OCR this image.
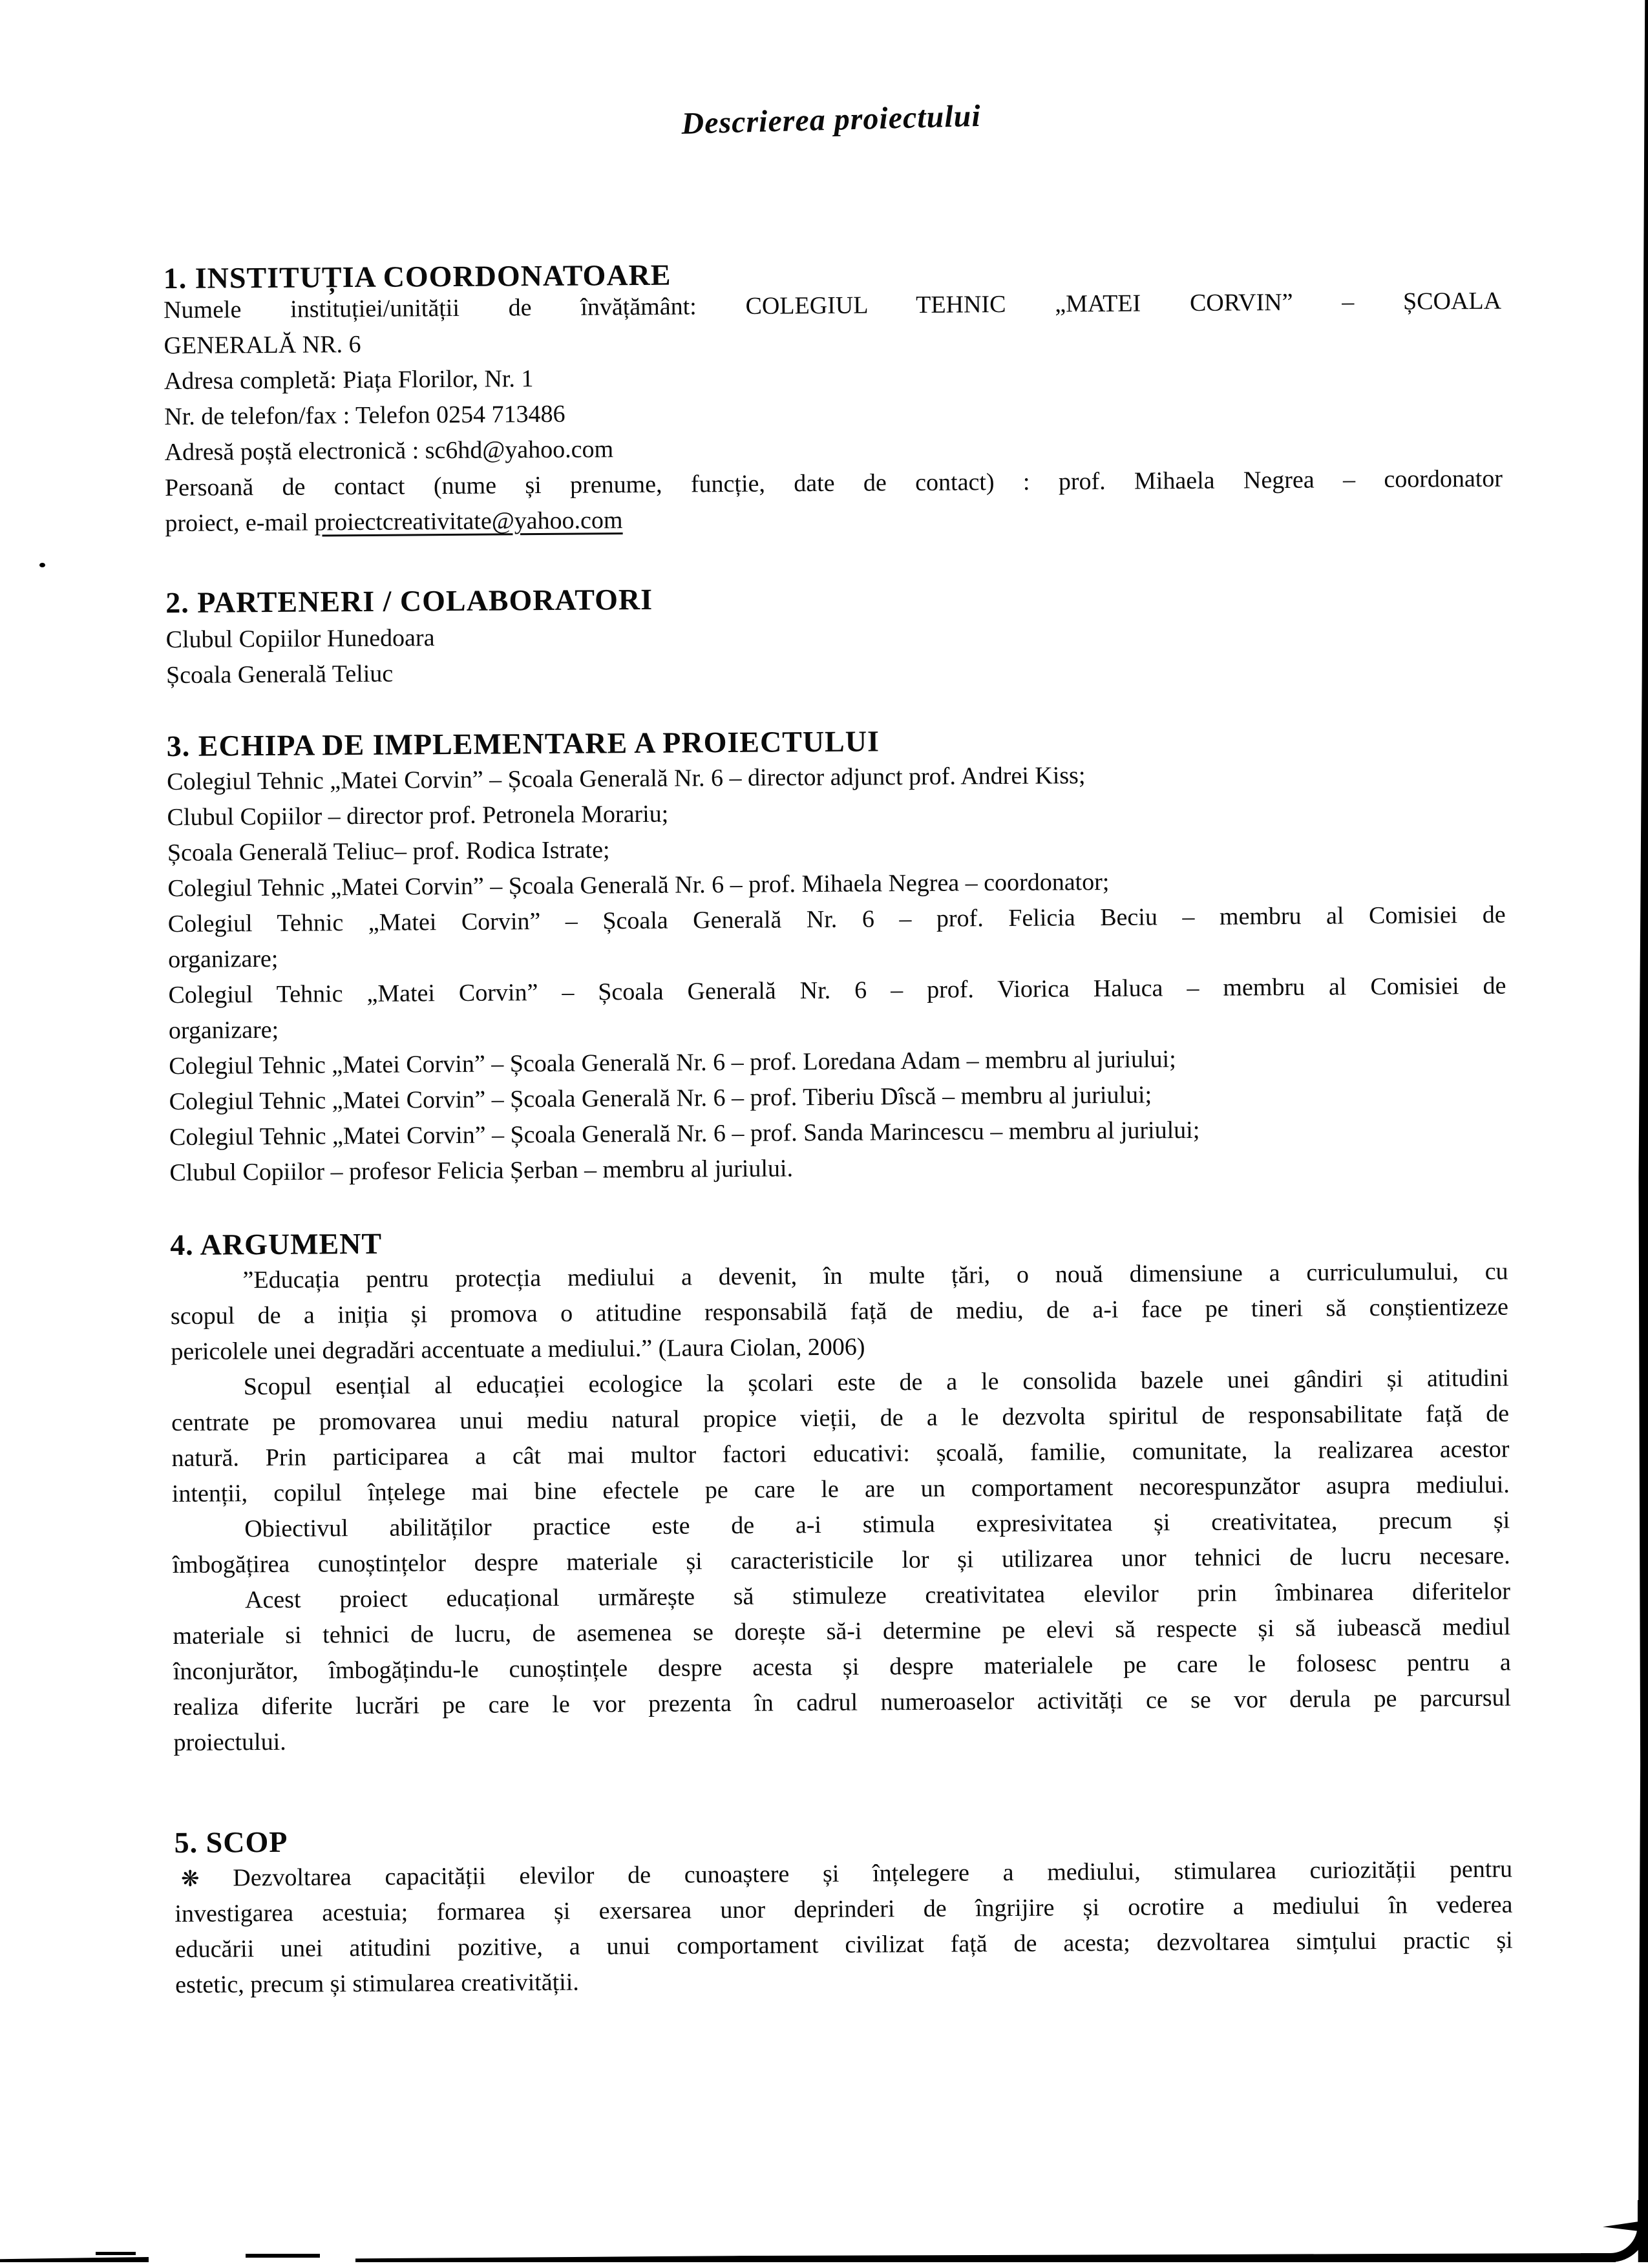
Descrierea proiectului
1. INSTITUȚIA COORDONATOARE
Numele instituției/unității de învățământ: COLEGIUL TEHNIC „MATEI CORVIN” – ȘCOALA
GENERALĂ NR. 6
Adresa completă: Piața Florilor, Nr. 1
Nr. de telefon/fax : Telefon 0254 713486
Adresă poștă electronică : sc6hd@yahoo.com
Persoană de contact (nume și prenume, funcție, date de contact) : prof. Mihaela Negrea – coordonator
proiect, e-mail proiectcreativitate@yahoo.com
2. PARTENERI / COLABORATORI
Clubul Copiilor Hunedoara
Școala Generală Teliuc
3. ECHIPA DE IMPLEMENTARE A PROIECTULUI
Colegiul Tehnic „Matei Corvin” – Școala Generală Nr. 6 – director adjunct prof. Andrei Kiss;
Clubul Copiilor – director prof. Petronela Morariu;
Școala Generală Teliuc– prof. Rodica Istrate;
Colegiul Tehnic „Matei Corvin” – Școala Generală Nr. 6 – prof. Mihaela Negrea – coordonator;
Colegiul Tehnic „Matei Corvin” – Școala Generală Nr. 6 – prof. Felicia Beciu – membru al Comisiei de
organizare;
Colegiul Tehnic „Matei Corvin” – Școala Generală Nr. 6 – prof. Viorica Haluca – membru al Comisiei de
organizare;
Colegiul Tehnic „Matei Corvin” – Școala Generală Nr. 6 – prof. Loredana Adam – membru al juriului;
Colegiul Tehnic „Matei Corvin” – Școala Generală Nr. 6 – prof. Tiberiu Dîscă – membru al juriului;
Colegiul Tehnic „Matei Corvin” – Școala Generală Nr. 6 – prof. Sanda Marincescu – membru al juriului;
Clubul Copiilor – profesor Felicia Șerban – membru al juriului.
4. ARGUMENT
”Educația pentru protecția mediului a devenit, în multe țări, o nouă dimensiune a curriculumului, cu
scopul de a iniția și promova o atitudine responsabilă față de mediu, de a-i face pe tineri să conștientizeze
pericolele unei degradări accentuate a mediului.” (Laura Ciolan, 2006)
Scopul esențial al educației ecologice la școlari este de a le consolida bazele unei gândiri și atitudini
centrate pe promovarea unui mediu natural propice vieții, de a le dezvolta spiritul de responsabilitate față de
natură. Prin participarea a cât mai multor factori educativi: școală, familie, comunitate, la realizarea acestor
intenții, copilul înțelege mai bine efectele pe care le are un comportament necorespunzător asupra mediului.
Obiectivul abilităților practice este de a-i stimula expresivitatea și creativitatea, precum și
îmbogățirea cunoștințelor despre materiale și caracteristicile lor și utilizarea unor tehnici de lucru necesare.
Acest proiect educațional urmărește să stimuleze creativitatea elevilor prin îmbinarea diferitelor
materiale si tehnici de lucru, de asemenea se dorește să-i determine pe elevi să respecte și să iubească mediul
înconjurător, îmbogățindu-le cunoștințele despre acesta și despre materialele pe care le folosesc pentru a
realiza diferite lucrări pe care le vor prezenta în cadrul numeroaselor activități ce se vor derula pe parcursul
proiectului.
5. SCOP
❋ Dezvoltarea capacității elevilor de cunoaștere și înțelegere a mediului, stimularea curiozității pentru
investigarea acestuia; formarea și exersarea unor deprinderi de îngrijire și ocrotire a mediului în vederea
educării unei atitudini pozitive, a unui comportament civilizat față de acesta; dezvoltarea simțului practic și
estetic, precum și stimularea creativității.
